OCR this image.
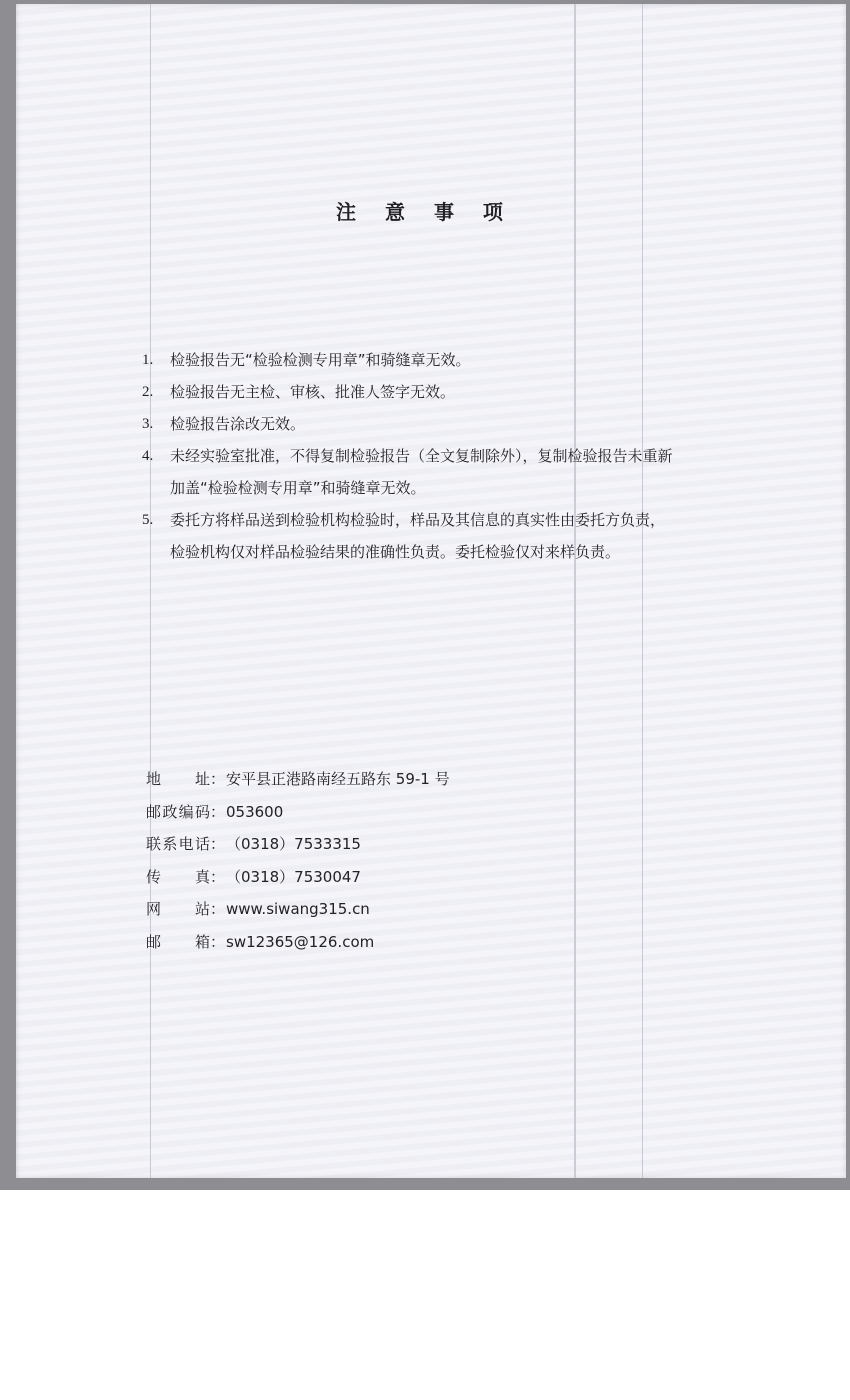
注 意 事 项
1. 检验报告无“检验检测专用章”和骑缝章无效。
2. 检验报告无主检、审核、批准人签字无效。
3. 检验报告涂改无效。
4. 未经实验室批准，不得复制检验报告（全文复制除外），复制检验报告未重新
加盖“检验检测专用章”和骑缝章无效。
5. 委托方将样品送到检验机构检验时，样品及其信息的真实性由委托方负责，
检验机构仅对样品检验结果的准确性负责。委托检验仅对来样负责。
地址：安平县正港路南经五路东 59-1 号
邮政编码：053600
联系电话：（0318）7533315
传真：（0318）7530047
网站：www.siwang315.cn
邮箱：sw12365@126.com
